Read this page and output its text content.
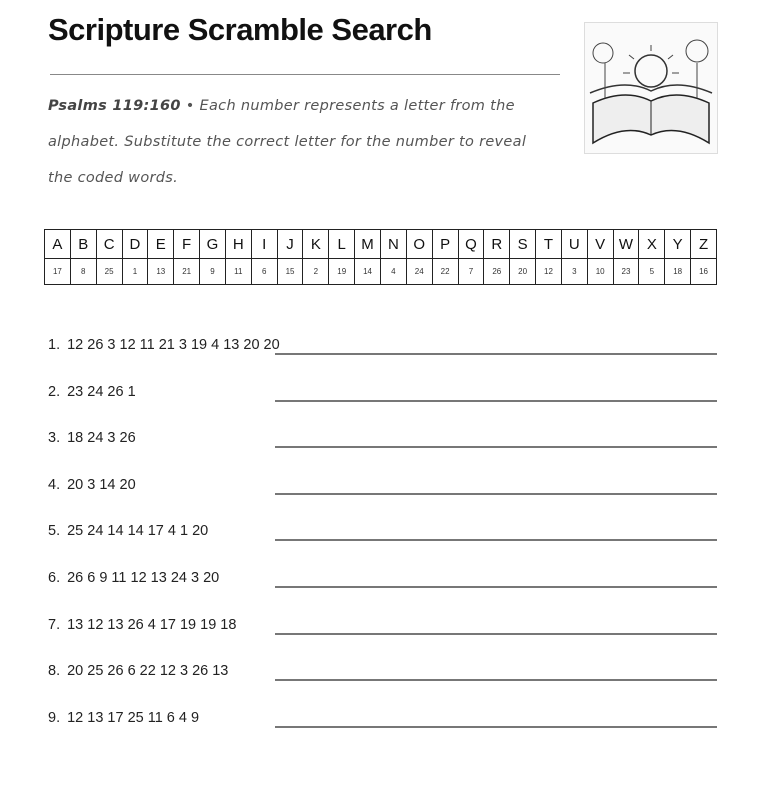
Scripture Scramble Search
Psalms 119:160 • Each number represents a letter from the alphabet. Substitute the correct letter for the number to reveal the coded words.
A	B	C	D	E	F	G	H	I	J	K	L	M	N	O	P	Q	R	S	T	U	V	W	X	Y	Z
17	8	25	1	13	21	9	11	6	15	2	19	14	4	24	22	7	26	20	12	3	10	23	5	18	16
1. 12 26 3 12 11 21 3 19 4 13 20 20
2. 23 24 26 1
3. 18 24 3 26
4. 20 3 14 20
5. 25 24 14 14 17 4 1 20
6. 26 6 9 11 12 13 24 3 20
7. 13 12 13 26 4 17 19 19 18
8. 20 25 26 6 22 12 3 26 13
9. 12 13 17 25 11 6 4 9
